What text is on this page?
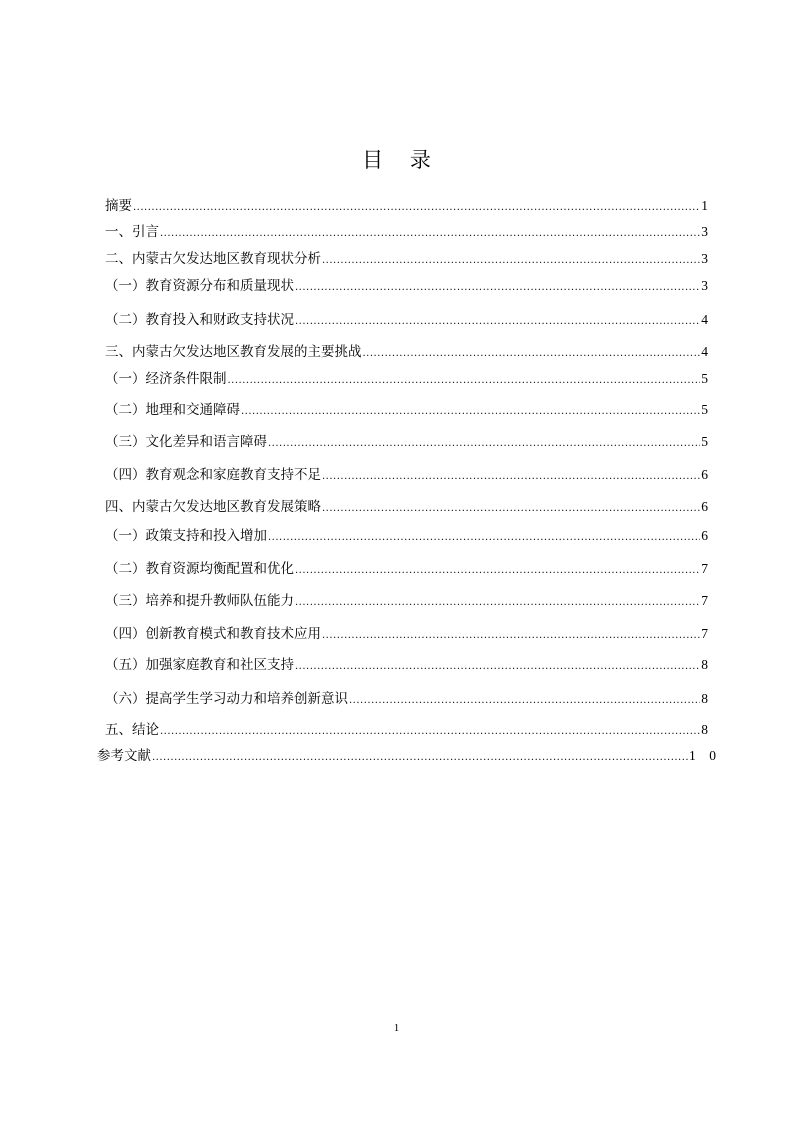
目 录
摘要 .....	1
一、引言 .....	3
二、内蒙古欠发达地区教育现状分析 .....	3
（一）教育资源分布和质量现状 .....	3
（二）教育投入和财政支持状况 .....	4
三、内蒙古欠发达地区教育发展的主要挑战 .....	4
（一）经济条件限制 .....	5
（二）地理和交通障碍 .....	5
（三）文化差异和语言障碍 .....	5
（四）教育观念和家庭教育支持不足 .....	6
四、内蒙古欠发达地区教育发展策略 .....	6
（一）政策支持和投入增加 .....	6
（二）教育资源均衡配置和优化 .....	7
（三）培养和提升教师队伍能力 .....	7
（四）创新教育模式和教育技术应用 .....	7
（五）加强家庭教育和社区支持 .....	8
（六）提高学生学习动力和培养创新意识 .....	8
五、结论 .....	8
参考文献 .....	1　0
1
